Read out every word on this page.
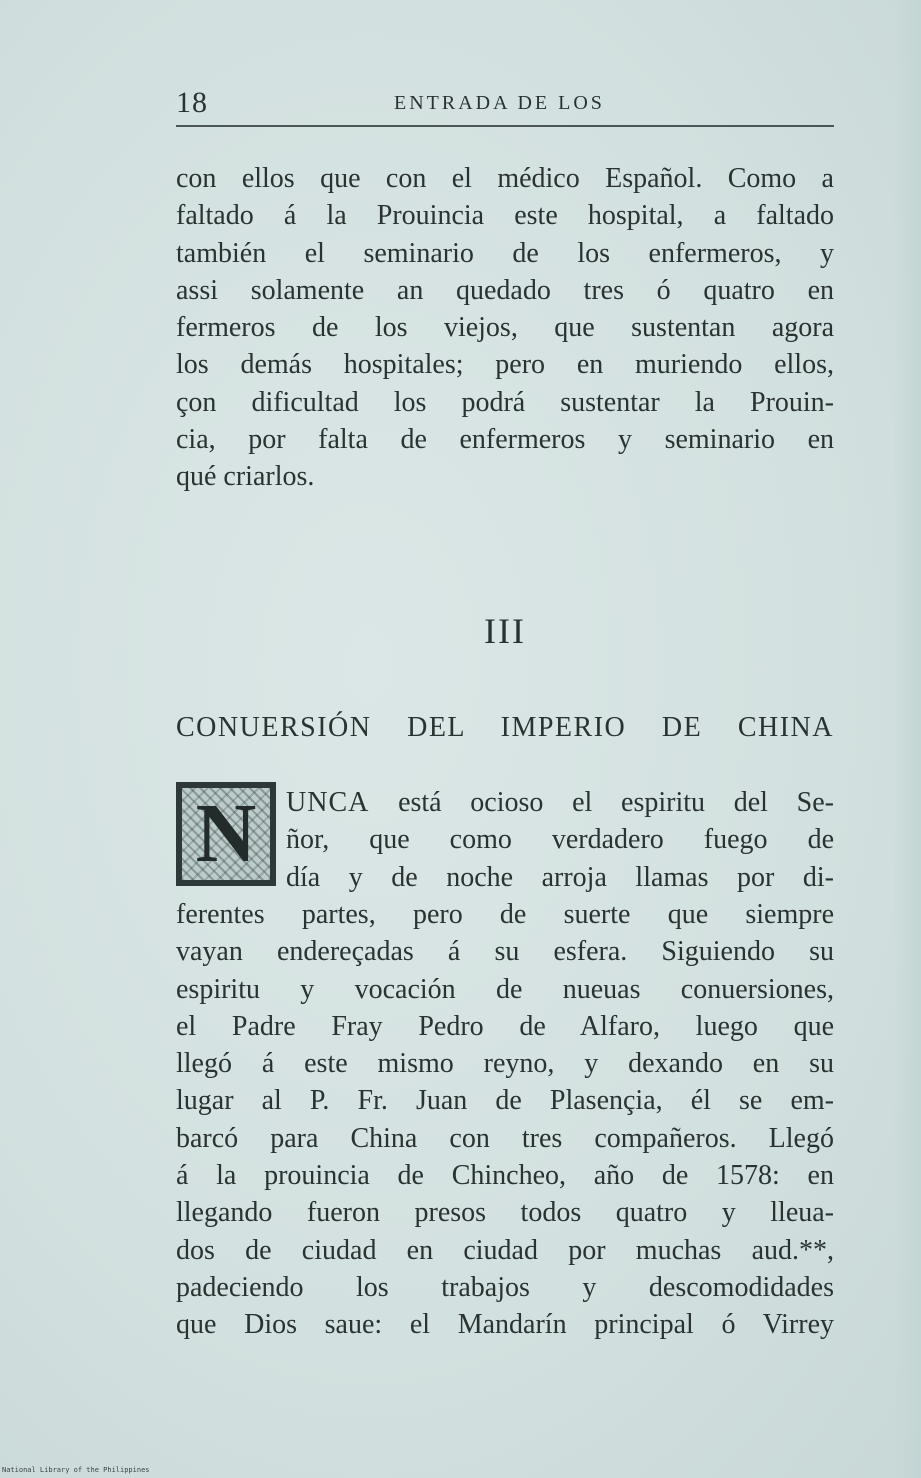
18	ENTRADA DE LOS
con ellos que con el médico Español. Como a
faltado á la Prouincia este hospital, a faltado
también el seminario de los enfermeros, y
assi solamente an quedado tres ó quatro en
fermeros de los viejos, que sustentan agora
los demás hospitales; pero en muriendo ellos,
çon dificultad los podrá sustentar la Prouin-
cia, por falta de enfermeros y seminario en
qué criarlos.
III
CONUERSIÓN DEL IMPERIO DE CHINA
N UNCA está ocioso el espiritu del Se-
ñor, que como verdadero fuego de
día y de noche arroja llamas por di-
ferentes partes, pero de suerte que siempre
vayan endereçadas á su esfera. Siguiendo su
espiritu y vocación de nueuas conuersiones,
el Padre Fray Pedro de Alfaro, luego que
llegó á este mismo reyno, y dexando en su
lugar al P. Fr. Juan de Plasençia, él se em-
barcó para China con tres compañeros. Llegó
á la prouincia de Chincheo, año de 1578: en
llegando fueron presos todos quatro y lleua-
dos de ciudad en ciudad por muchas aud.**,
padeciendo los trabajos y descomodidades
que Dios saue: el Mandarín principal ó Virrey
National Library of the Philippines
